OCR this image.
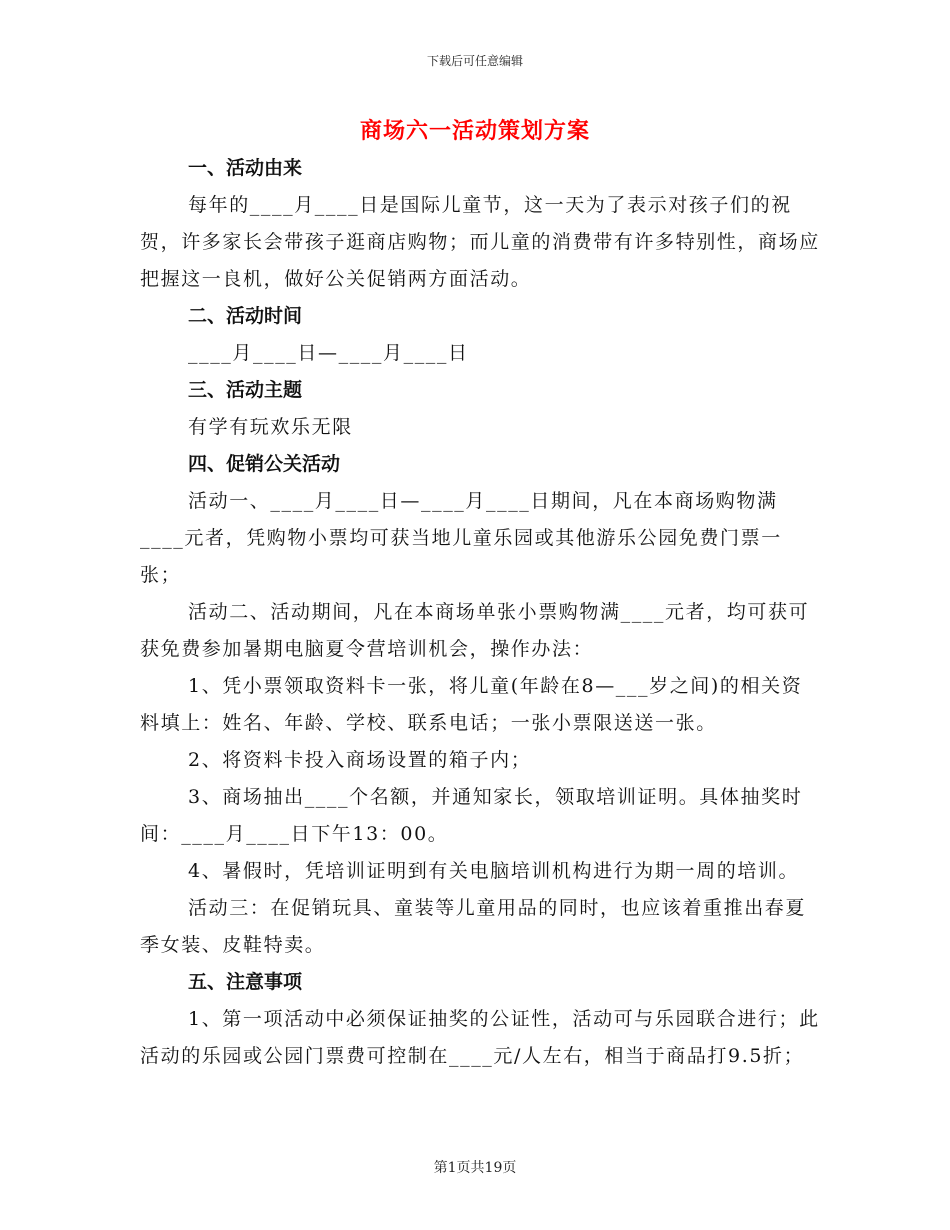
下载后可任意编辑
商场六一活动策划方案

一、活动由来

每年的____月____日是国际儿童节，这一天为了表示对孩子们的祝贺，许多家长会带孩子逛商店购物；而儿童的消费带有许多特别性，商场应把握这一良机，做好公关促销两方面活动。

二、活动时间

____月____日—____月____日

三、活动主题

有学有玩欢乐无限

四、促销公关活动

活动一、____月____日—____月____日期间，凡在本商场购物满____元者，凭购物小票均可获当地儿童乐园或其他游乐公园免费门票一张；

活动二、活动期间，凡在本商场单张小票购物满____元者，均可获可获免费参加暑期电脑夏令营培训机会，操作办法：

1、凭小票领取资料卡一张，将儿童(年龄在8—___岁之间)的相关资料填上：姓名、年龄、学校、联系电话；一张小票限送送一张。

2、将资料卡投入商场设置的箱子内；

3、商场抽出____个名额，并通知家长，领取培训证明。具体抽奖时间：____月____日下午13：00。

4、暑假时，凭培训证明到有关电脑培训机构进行为期一周的培训。

活动三：在促销玩具、童装等儿童用品的同时，也应该着重推出春夏季女装、皮鞋特卖。

五、注意事项

1、第一项活动中必须保证抽奖的公证性，活动可与乐园联合进行；此活动的乐园或公园门票费可控制在____元/人左右，相当于商品打9.5折；

第1页共19页
